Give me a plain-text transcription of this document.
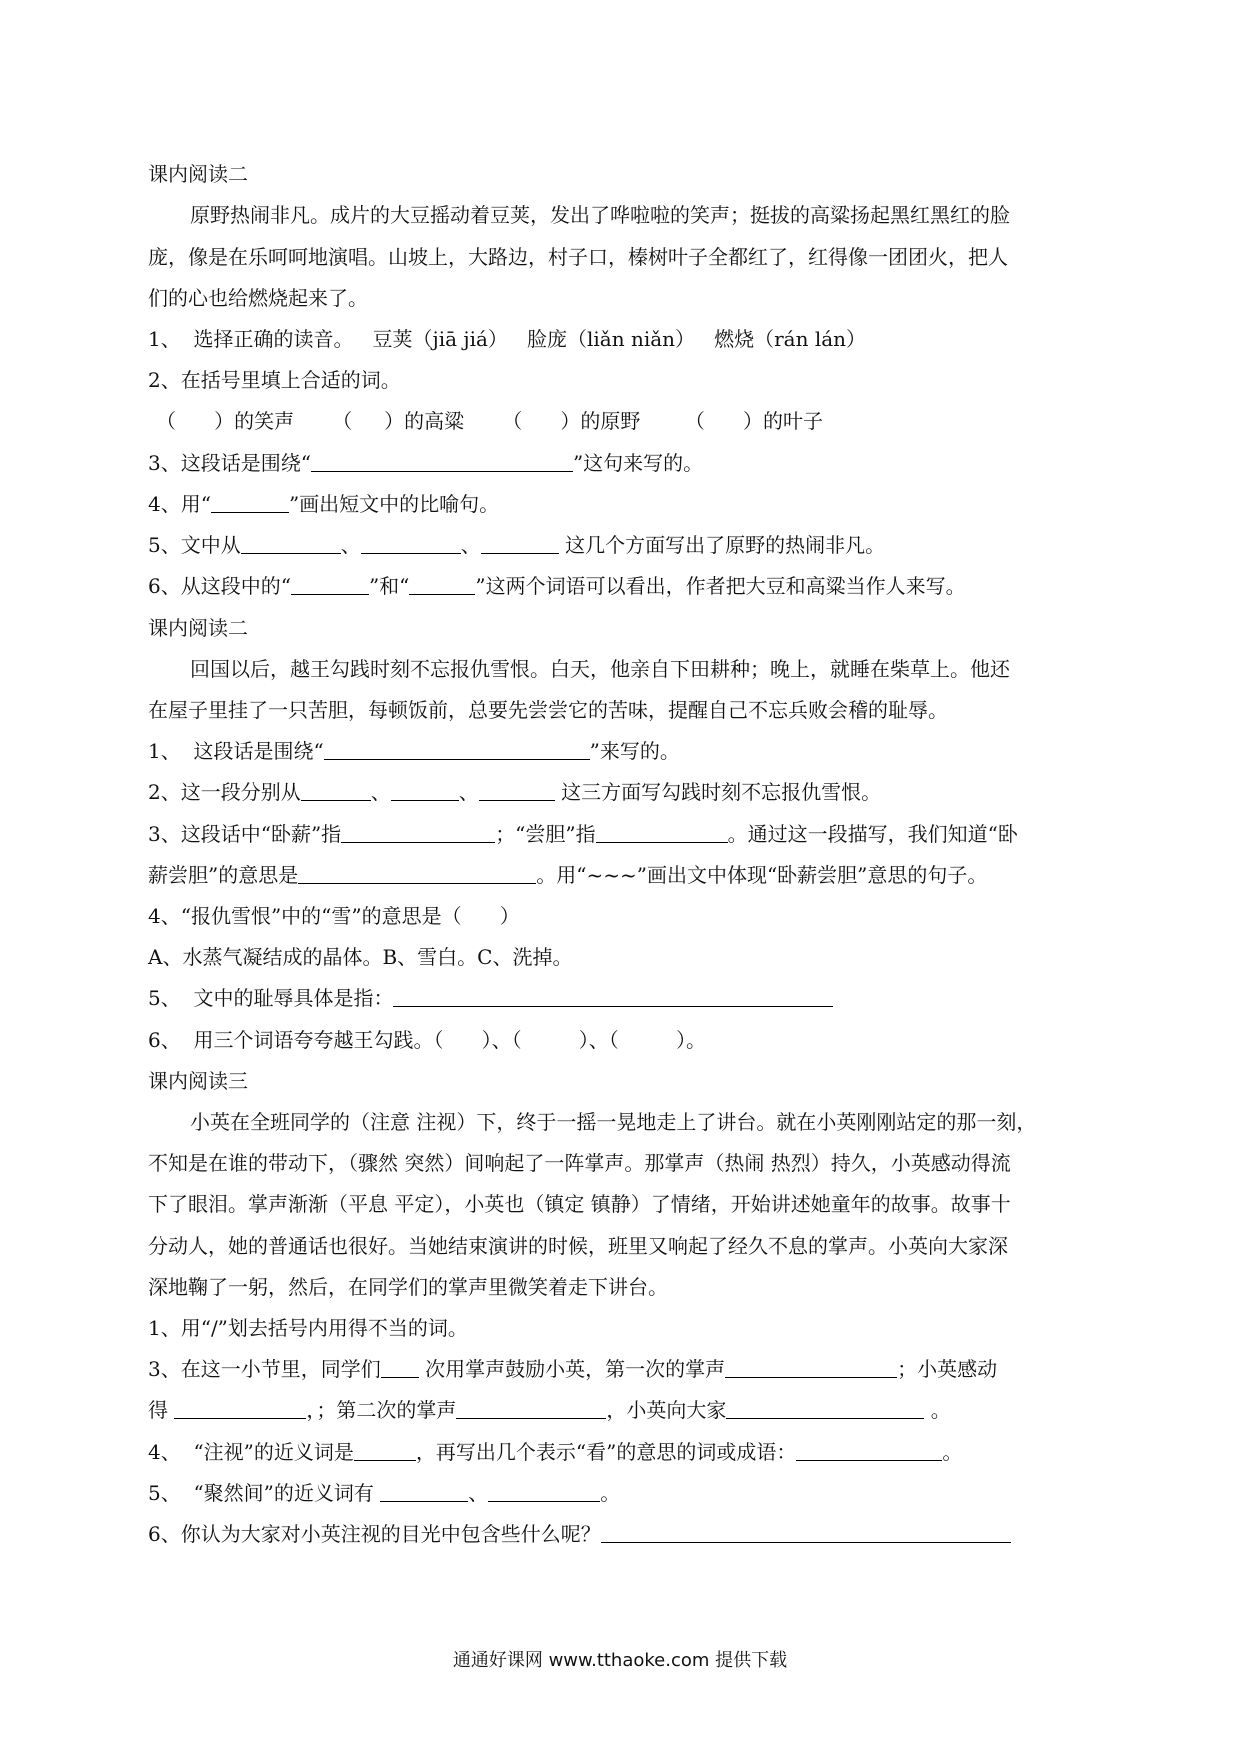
课内阅读二
原野热闹非凡。成片的大豆摇动着豆荚，发出了哗啦啦的笑声；挺拔的高粱扬起黑红黑红的脸
庞，像是在乐呵呵地演唱。山坡上，大路边，村子口，榛树叶子全都红了，红得像一团团火，把人
们的心也给燃烧起来了。
1、  选择正确的读音。   豆荚（jiā jiá）   脸庞（liǎn niǎn）   燃烧（rán lán）
2、在括号里填上合适的词。
（      ）的笑声      （     ）的高粱      （      ）的原野       （      ）的叶子
3、这段话是围绕“	”这句来写的。
4、用“	”画出短文中的比喻句。
5、文中从	、	、	这几个方面写出了原野的热闹非凡。
6、从这段中的“	”和“	”这两个词语可以看出，作者把大豆和高粱当作人来写。
课内阅读二
回国以后，越王勾践时刻不忘报仇雪恨。白天，他亲自下田耕种；晚上，就睡在柴草上。他还
在屋子里挂了一只苦胆，每顿饭前，总要先尝尝它的苦味，提醒自己不忘兵败会稽的耻辱。
1、  这段话是围绕“	”来写的。
2、这一段分别从	、	、	这三方面写勾践时刻不忘报仇雪恨。
3、这段话中“卧薪”指	；“尝胆”指	。通过这一段描写，我们知道“卧
薪尝胆”的意思是	。用“~~~”画出文中体现“卧薪尝胆”意思的句子。
4、“报仇雪恨”中的“雪”的意思是（      ）
A、水蒸气凝结成的晶体。B、雪白。C、洗掉。
5、  文中的耻辱具体是指：
6、  用三个词语夸夸越王勾践。（      ）、（         ）、（         ）。
课内阅读三
小英在全班同学的（注意 注视）下，终于一摇一晃地走上了讲台。就在小英刚刚站定的那一刻，
不知是在谁的带动下，（骤然 突然）间响起了一阵掌声。那掌声（热闹 热烈）持久，小英感动得流
下了眼泪。掌声渐渐（平息 平定），小英也（镇定 镇静）了情绪，开始讲述她童年的故事。故事十
分动人，她的普通话也很好。当她结束演讲的时候，班里又响起了经久不息的掌声。小英向大家深
深地鞠了一躬，然后，在同学们的掌声里微笑着走下讲台。
1、用“/”划去括号内用得不当的词。
3、在这一小节里，同学们 次用掌声鼓励小英，第一次的掌声	；小英感动
得	，；第二次的掌声	，小英向大家	。
4、  “注视”的近义词是	，再写出几个表示“看”的意思的词或成语：	。
5、  “聚然间”的近义词有	、	。
6、你认为大家对小英注视的目光中包含些什么呢？
通通好课网 www.tthaoke.com 提供下载
